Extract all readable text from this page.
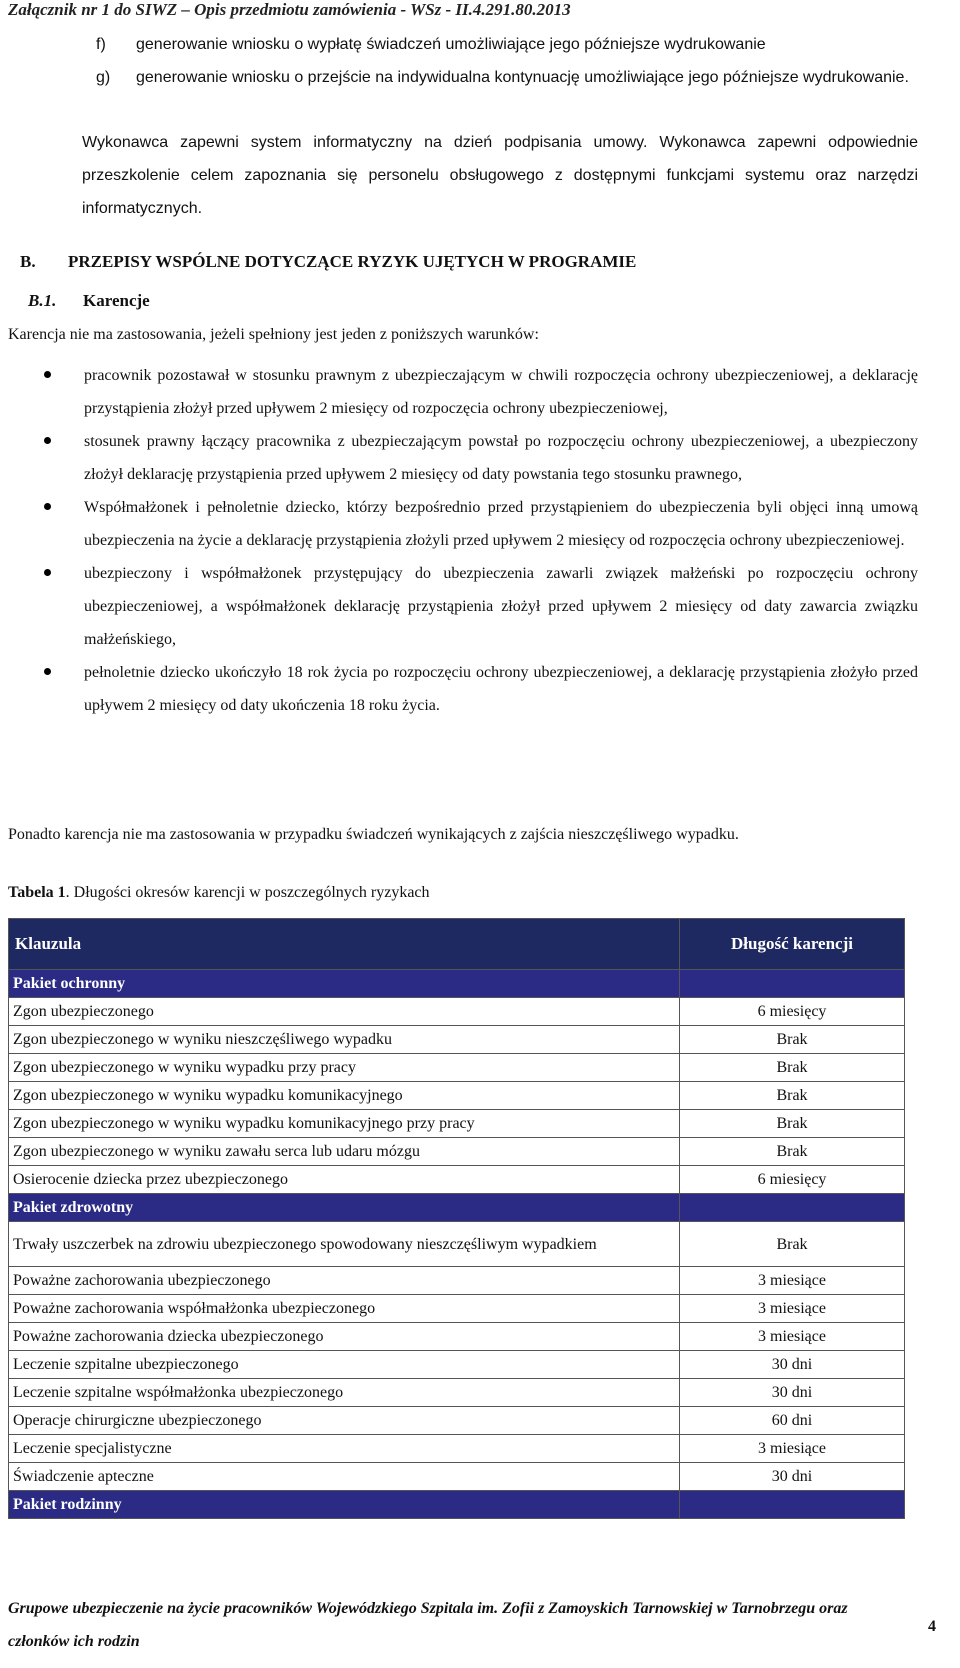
Załącznik nr 1 do SIWZ – Opis przedmiotu zamówienia - WSz - II.4.291.80.2013
f) generowanie wniosku o wypłatę świadczeń umożliwiające jego późniejsze wydrukowanie
g) generowanie wniosku o przejście na indywidualna kontynuację umożliwiające jego późniejsze wydrukowanie.
Wykonawca zapewni system informatyczny na dzień podpisania umowy. Wykonawca zapewni odpowiednie przeszkolenie celem zapoznania się personelu obsługowego z dostępnymi funkcjami systemu oraz narzędzi informatycznych.
B. PRZEPISY WSPÓLNE DOTYCZĄCE RYZYK UJĘTYCH W PROGRAMIE
B.1. Karencje
Karencja nie ma zastosowania, jeżeli spełniony jest jeden z poniższych warunków:
pracownik pozostawał w stosunku prawnym z ubezpieczającym w chwili rozpoczęcia ochrony ubezpieczeniowej, a deklarację przystąpienia złożył przed upływem 2 miesięcy od rozpoczęcia ochrony ubezpieczeniowej,
stosunek prawny łączący pracownika z ubezpieczającym powstał po rozpoczęciu ochrony ubezpieczeniowej, a ubezpieczony złożył deklarację przystąpienia przed upływem 2 miesięcy od daty powstania tego stosunku prawnego,
Współmałżonek i pełnoletnie dziecko, którzy bezpośrednio przed przystąpieniem do ubezpieczenia byli objęci inną umową ubezpieczenia na życie a deklarację przystąpienia złożyli przed upływem 2 miesięcy od rozpoczęcia ochrony ubezpieczeniowej.
ubezpieczony i współmałżonek przystępujący do ubezpieczenia zawarli związek małżeński po rozpoczęciu ochrony ubezpieczeniowej, a współmałżonek deklarację przystąpienia złożył przed upływem 2 miesięcy od daty zawarcia związku małżeńskiego,
pełnoletnie dziecko ukończyło 18 rok życia po rozpoczęciu ochrony ubezpieczeniowej, a deklarację przystąpienia złożyło przed upływem 2 miesięcy od daty ukończenia 18 roku życia.
Ponadto karencja nie ma zastosowania w przypadku świadczeń wynikających z zajścia nieszczęśliwego wypadku.
Tabela 1. Długości okresów karencji w poszczególnych ryzykach
Klauzula	Długość karencji
Pakiet ochronny	
Zgon ubezpieczonego	6 miesięcy
Zgon ubezpieczonego w wyniku nieszczęśliwego wypadku	Brak
Zgon ubezpieczonego w wyniku wypadku przy pracy	Brak
Zgon ubezpieczonego w wyniku wypadku komunikacyjnego	Brak
Zgon ubezpieczonego w wyniku wypadku komunikacyjnego przy pracy	Brak
Zgon ubezpieczonego w wyniku zawału serca lub udaru mózgu	Brak
Osierocenie dziecka przez ubezpieczonego	6 miesięcy
Pakiet zdrowotny	
Trwały uszczerbek na zdrowiu ubezpieczonego spowodowany nieszczęśliwym wypadkiem	Brak
Poważne zachorowania ubezpieczonego	3 miesiące
Poważne zachorowania współmałżonka ubezpieczonego	3 miesiące
Poważne zachorowania dziecka ubezpieczonego	3 miesiące
Leczenie szpitalne ubezpieczonego	30 dni
Leczenie szpitalne współmałżonka ubezpieczonego	30 dni
Operacje chirurgiczne ubezpieczonego	60 dni
Leczenie specjalistyczne	3 miesiące
Świadczenie apteczne	30 dni
Pakiet rodzinny	
Grupowe ubezpieczenie na życie pracowników Wojewódzkiego Szpitala im. Zofii z Zamoyskich Tarnowskiej w Tarnobrzegu oraz członków ich rodzin
4
